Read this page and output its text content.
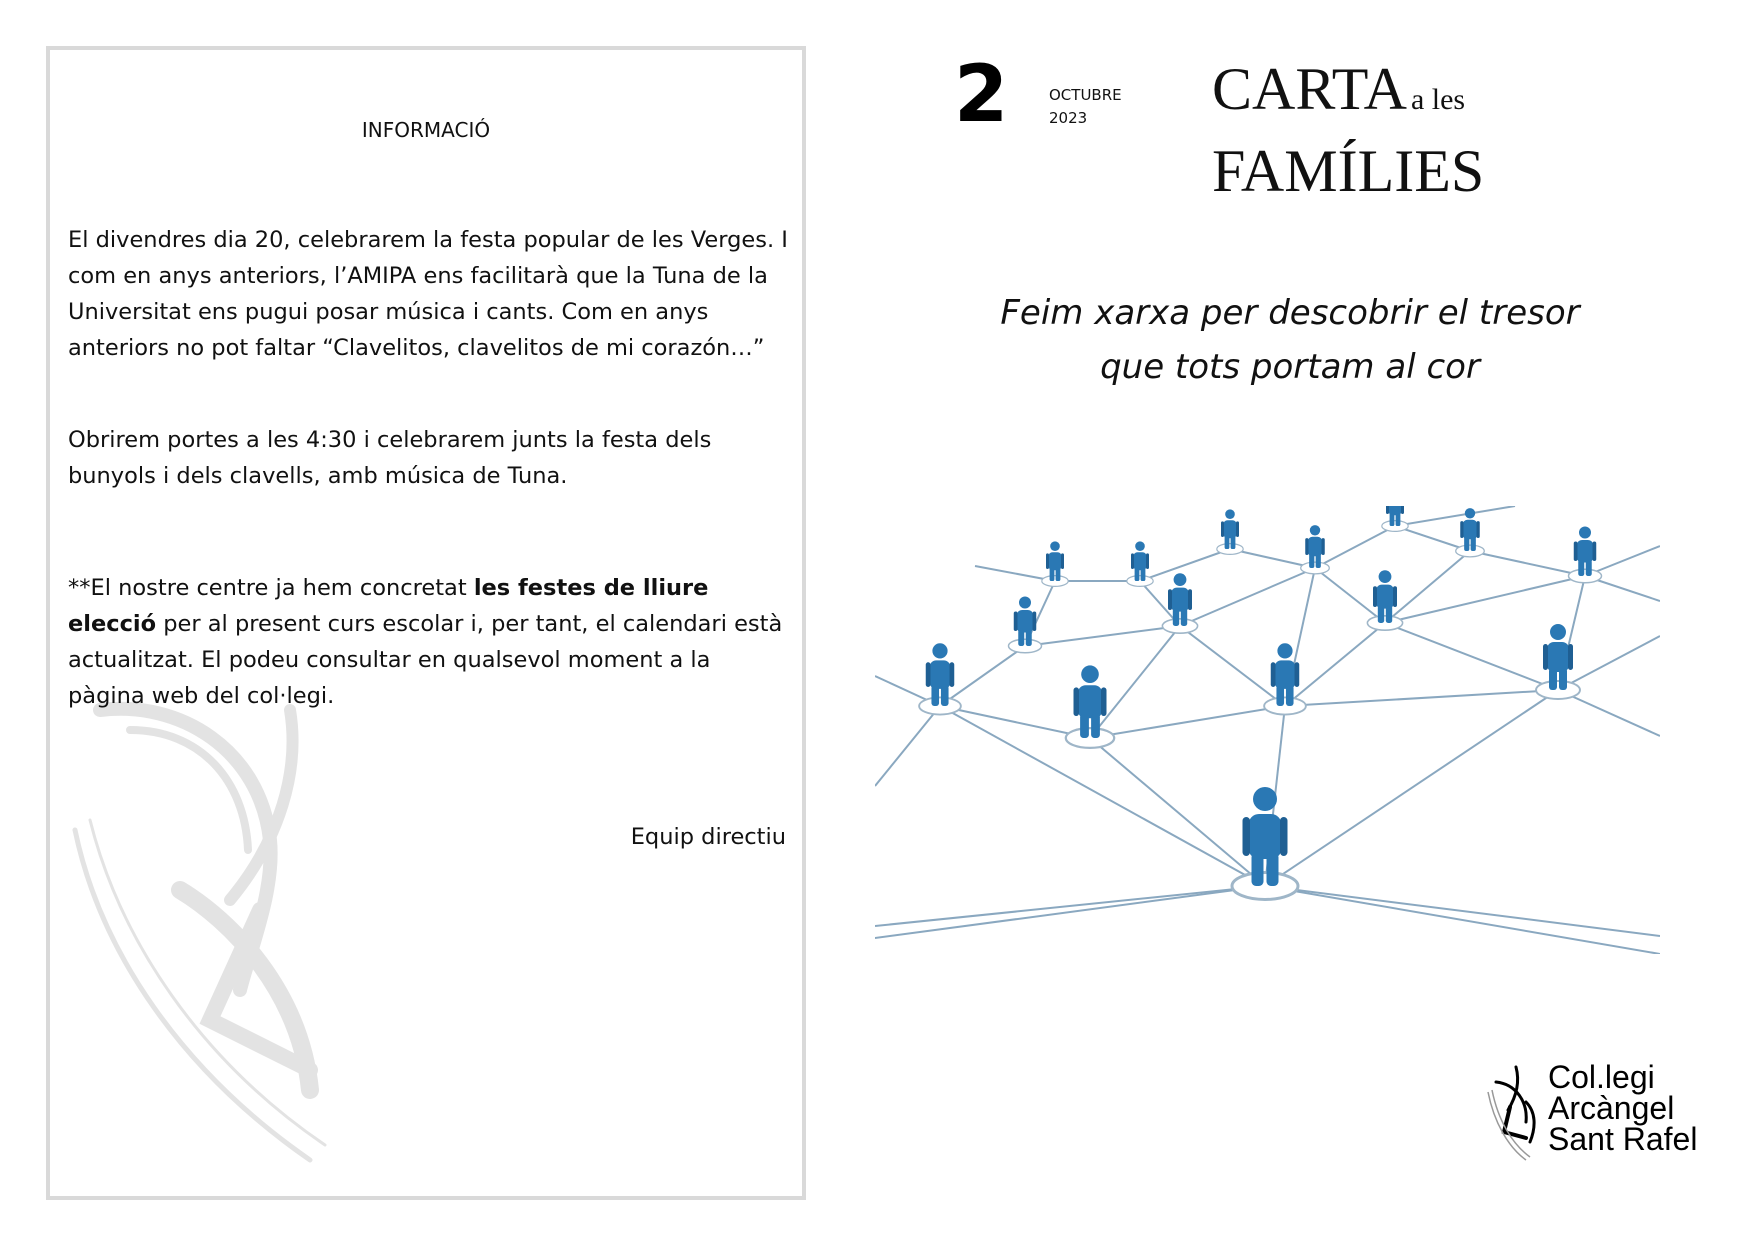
INFORMACIÓ

El divendres dia 20, celebrarem la festa popular de les Verges. I com en anys anteriors, l’AMIPA ens facilitarà que la Tuna de la Universitat ens pugui posar música i cants. Com en anys anteriors no pot faltar “Clavelitos, clavelitos de mi corazón…”

Obrirem portes a les 4:30 i celebrarem junts la festa dels bunyols i dels clavells, amb música de Tuna.

**El nostre centre ja hem concretat les festes de lliure elecció per al present curs escolar i, per tant, el calendari està actualitzat. El podeu consultar en qualsevol moment a la pàgina web del col·legi.

Equip directiu
2	OCTUBRE
2023	CARTA a les
FAMÍLIES
Feim xarxa per descobrir el tresor
que tots portam al cor
Col.legi
Arcàngel
Sant Rafel
